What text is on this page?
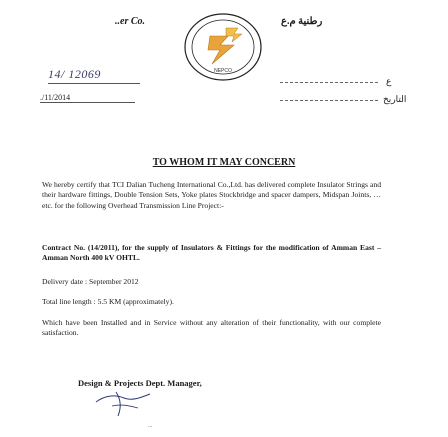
..er Co.	رطنية م.ع
NEPCO
14/ 12069
./11/2014
ع
التاريخ
TO WHOM IT MAY CONCERN
We hereby certify that TCI Dalian Tucheng International Co.,Ltd. has delivered complete Insulator Strings and their hardware fittings, Double Tension Sets, Yoke plates Stockbridge and spacer dampers, Midspan Joints, … etc. for the following Overhead Transmission Line Project:-
Contract No. (14/2011), for the supply of Insulators & Fittings for the modification of Amman East – Amman North 400 kV OHTL.
Delivery date : September 2012
Total line length : 5.5 KM (approximately).
Which have been Installed and in Service without any alteration of their functionality, with our complete satisfaction.
Design & Projects Dept. Manager,
...
